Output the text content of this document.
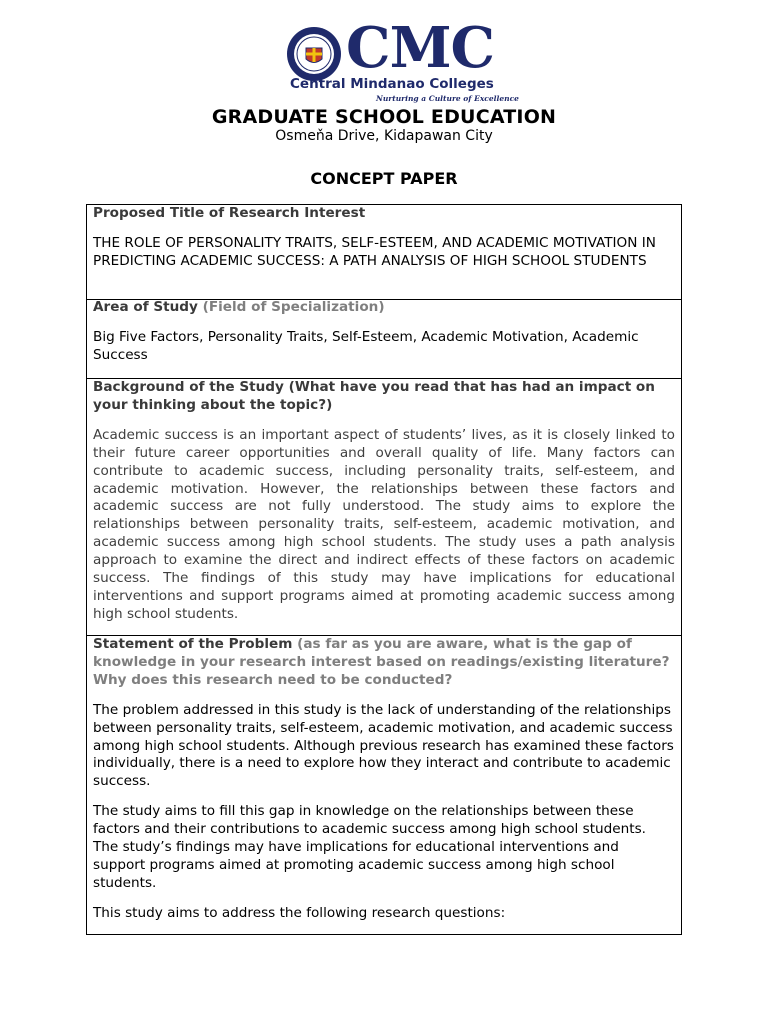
CMC
Central Mindanao Colleges
Nurturing a Culture of Excellence
GRADUATE SCHOOL EDUCATION
Osmeňa Drive, Kidapawan City
CONCEPT PAPER

Proposed Title of Research Interest

THE ROLE OF PERSONALITY TRAITS, SELF-ESTEEM, AND ACADEMIC MOTIVATION IN PREDICTING ACADEMIC SUCCESS: A PATH ANALYSIS OF HIGH SCHOOL STUDENTS

Area of Study (Field of Specialization)

Big Five Factors, Personality Traits, Self-Esteem, Academic Motivation, Academic Success

Background of the Study (What have you read that has had an impact on your thinking about the topic?)

Academic success is an important aspect of students’ lives, as it is closely linked to their future career opportunities and overall quality of life. Many factors can contribute to academic success, including personality traits, self-esteem, and academic motivation. However, the relationships between these factors and academic success are not fully understood. The study aims to explore the relationships between personality traits, self-esteem, academic motivation, and academic success among high school students. The study uses a path analysis approach to examine the direct and indirect effects of these factors on academic success. The findings of this study may have implications for educational interventions and support programs aimed at promoting academic success among high school students.

Statement of the Problem (as far as you are aware, what is the gap of knowledge in your research interest based on readings/existing literature? Why does this research need to be conducted?

The problem addressed in this study is the lack of understanding of the relationships between personality traits, self-esteem, academic motivation, and academic success among high school students. Although previous research has examined these factors individually, there is a need to explore how they interact and contribute to academic success.

The study aims to fill this gap in knowledge on the relationships between these factors and their contributions to academic success among high school students. The study’s findings may have implications for educational interventions and support programs aimed at promoting academic success among high school students.

This study aims to address the following research questions:
